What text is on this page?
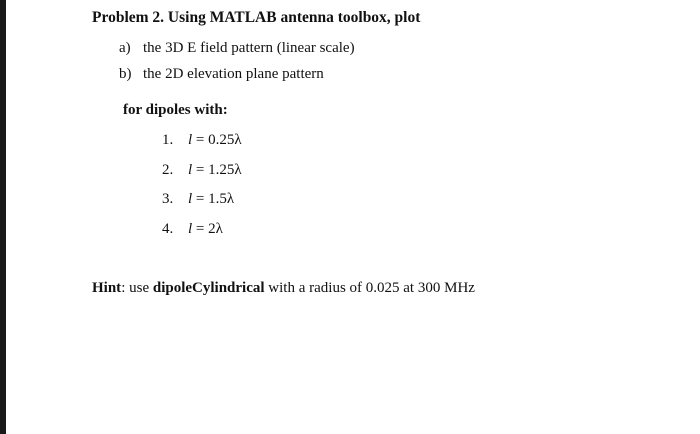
Problem 2. Using MATLAB antenna toolbox, plot
a) the 3D E field pattern (linear scale)
b) the 2D elevation plane pattern
for dipoles with:
1. l = 0.25λ
2. l = 1.25λ
3. l = 1.5λ
4. l = 2λ
Hint: use dipoleCylindrical with a radius of 0.025 at 300 MHz
